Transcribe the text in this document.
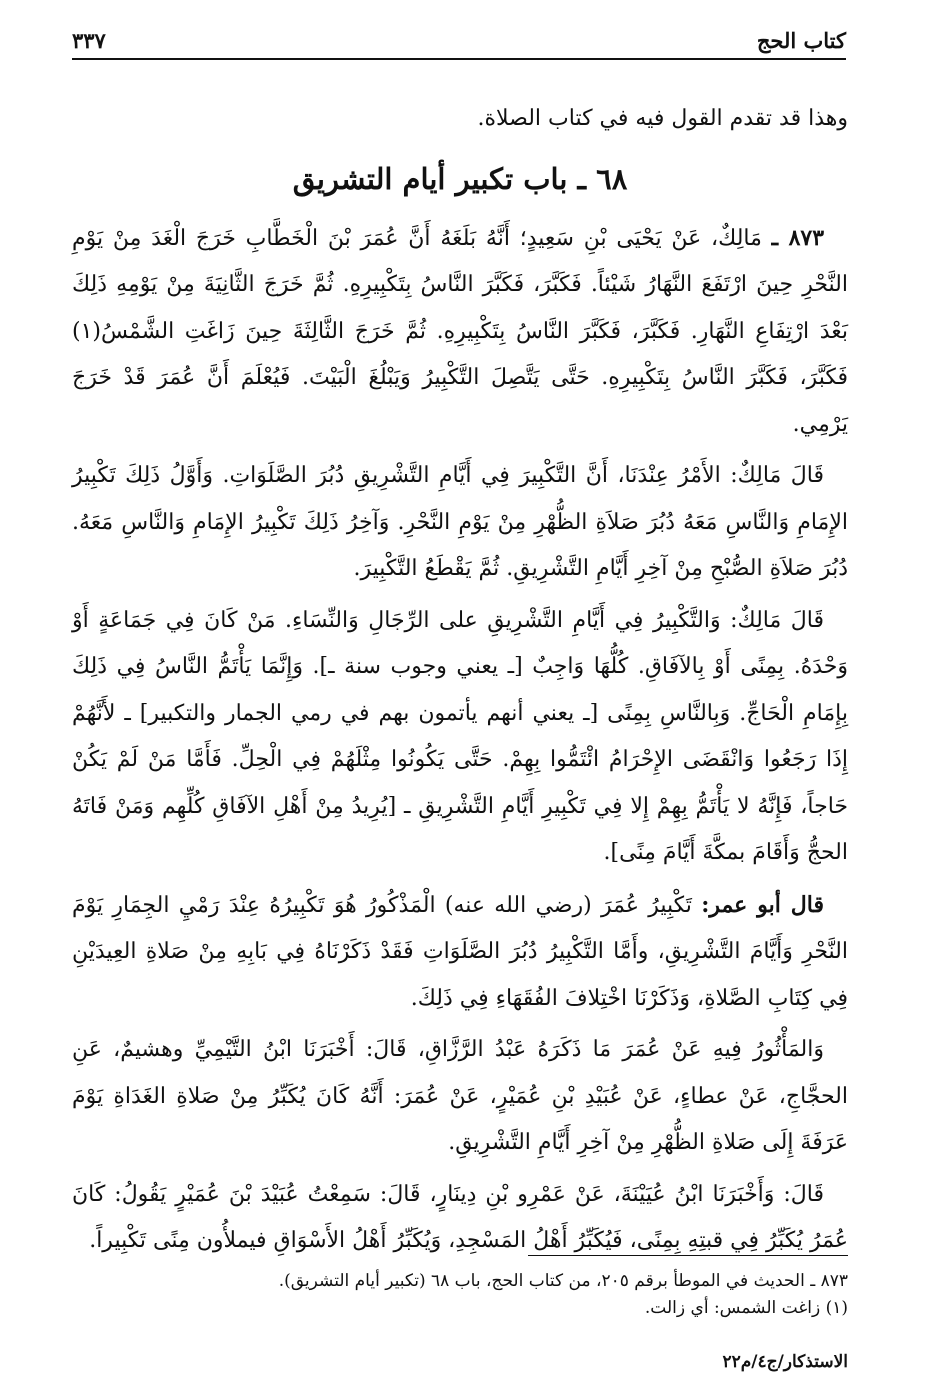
كتاب الحج
٣٣٧

وهذا قد تقدم القول فيه في كتاب الصلاة.

٦٨ ـ باب تكبير أيام التشريق

٨٧٣ ـ مَالِكٌ، عَنْ يَحْيَى بْنِ سَعِيدٍ؛ أَنَّهُ بَلَغَهُ أَنَّ عُمَرَ بْنَ الْخَطَّابِ خَرَجَ الْغَدَ مِنْ يَوْمِ النَّحْرِ حِينَ ارْتَفَعَ النَّهَارُ شَيْئاً. فَكَبَّرَ، فَكَبَّرَ النَّاسُ بِتَكْبِيرِهِ. ثُمَّ خَرَجَ الثَّانِيَةَ مِنْ يَوْمِهِ ذَلِكَ بَعْدَ ارْتِفَاعِ النَّهَارِ. فَكَبَّرَ، فَكَبَّرَ النَّاسُ بِتَكْبِيرِهِ. ثُمَّ خَرَجَ الثَّالِثَةَ حِينَ زَاغَتِ الشَّمْسُ(١) فَكَبَّرَ، فَكَبَّرَ النَّاسُ بِتَكْبِيرِهِ. حَتَّى يَتَّصِلَ التَّكْبِيرُ وَيَبْلُغَ الْبَيْتَ. فَيُعْلَمَ أَنَّ عُمَرَ قَدْ خَرَجَ يَرْمِي.

قَالَ مَالِكٌ: الأَمْرُ عِنْدَنَا، أَنَّ التَّكْبِيرَ فِي أَيَّامِ التَّشْرِيقِ دُبُرَ الصَّلَوَاتِ. وَأَوَّلُ ذَلِكَ تَكْبِيرُ الإِمَامِ وَالنَّاسِ مَعَهُ دُبُرَ صَلاَةِ الظُّهْرِ مِنْ يَوْمِ النَّحْرِ. وَآخِرُ ذَلِكَ تَكْبِيرُ الإِمَامِ وَالنَّاسِ مَعَهُ. دُبُرَ صَلاَةِ الصُّبْحِ مِنْ آخِرِ أَيَّامِ التَّشْرِيقِ. ثُمَّ يَقْطَعُ التَّكْبِيرَ.

قَالَ مَالِكٌ: وَالتَّكْبِيرُ فِي أَيَّامِ التَّشْرِيقِ على الرِّجَالِ وَالنِّسَاءِ. مَنْ كَانَ فِي جَمَاعَةٍ أَوْ وَحْدَهُ. بِمِنًى أَوْ بِالآفَاقِ. كُلُّهَا وَاجِبٌ [ـ يعني وجوب سنة ـ]. وَإِنَّمَا يَأْتَمُّ النَّاسُ فِي ذَلِكَ بِإِمَامِ الْحَاجِّ. وَبِالنَّاسِ بِمِنًى [ـ يعني أنهم يأتمون بهم في رمي الجمار والتكبير] ـ لأَنَّهُمْ إِذَا رَجَعُوا وَانْقَضَى الإِحْرَامُ ائْتَمُّوا بِهِمْ. حَتَّى يَكُونُوا مِثْلَهُمْ فِي الْحِلِّ. فَأَمَّا مَنْ لَمْ يَكُنْ حَاجاً، فَإِنَّهُ لا يَأْتَمُّ بِهِمْ إِلا فِي تَكْبِيرِ أَيَّامِ التَّشْرِيقِ ـ [يُرِيدُ مِنْ أَهْلِ الآفَاقِ كُلِّهِم وَمَنْ فَاتَهُ الحجُّ وَأَقَامَ بمكَّةَ أَيَّامَ مِنًى].

قال أبو عمر: تَكْبِيرُ عُمَرَ (رضي الله عنه) الْمَذْكُورُ هُوَ تَكْبِيرُهُ عِنْدَ رَمْيِ الجِمَارِ يَوْمَ النَّحْرِ وَأَيَّامَ التَّشْرِيقِ، وأَمَّا التَّكْبِيرُ دُبُرَ الصَّلَوَاتِ فَقَدْ ذَكَرْنَاهُ فِي بَابِهِ مِنْ صَلاةِ العِيدَيْنِ فِي كِتَابِ الصَّلاةِ، وَذَكَرْنَا اخْتِلافَ الفُقَهَاءِ فِي ذَلِكَ.

وَالمَأْثُورُ فِيهِ عَنْ عُمَرَ مَا ذَكَرَهُ عَبْدُ الرَّزَّاقِ، قَالَ: أَخْبَرَنَا ابْنُ التَّيْمِيِّ وهشيمٌ، عَنِ الحجَّاجِ، عَنْ عطاءٍ، عَنْ عُبَيْدِ بْنِ عُمَيْرٍ، عَنْ عُمَرَ: أَنَّهُ كَانَ يُكَبِّرُ مِنْ صَلاةِ الغَدَاةِ يَوْمَ عَرَفَةَ إِلَى صَلاةِ الظُّهْرِ مِنْ آخِرِ أَيَّامِ التَّشْرِيقِ.

قَالَ: وَأَخْبَرَنَا ابْنُ عُيَيْنَةَ، عَنْ عَمْرِو بْنِ دِينَارٍ، قَالَ: سَمِعْتُ عُبَيْدَ بْنَ عُمَيْرٍ يَقُولُ: كَانَ عُمَرُ يُكَبِّرُ فِي قبتِهِ بِمِنًى، فَيُكَبِّرُ أَهْلُ المَسْجِدِ، وَيُكَبِّرُ أَهْلُ الأَسْوَاقِ فيملأُون مِنًى تَكْبِيراً.

٨٧٣ ـ الحديث في الموطأ برقم ٢٠٥، من كتاب الحج، باب ٦٨ (تكبير أيام التشريق).
(١) زاغت الشمس: أي زالت.
الاستذكار/ج٤/م٢٢
